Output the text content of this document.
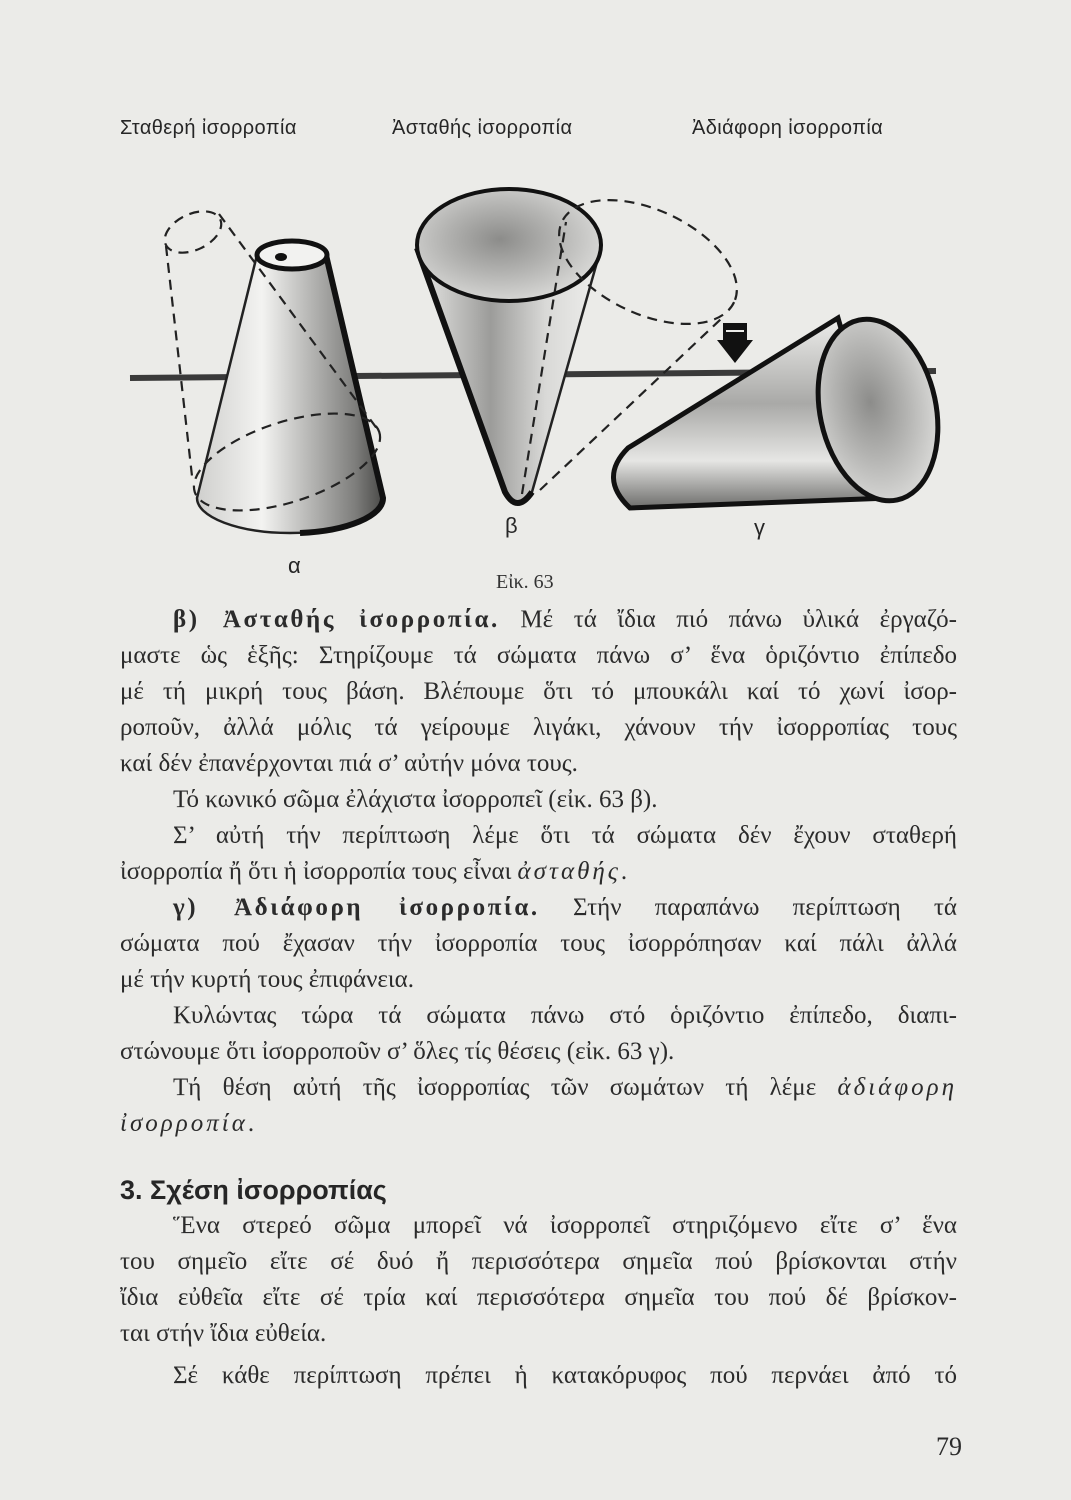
Σταθερή ἰσορροπία	Ἀσταθής ἰσορροπία	Ἀδιάφορη ἰσορροπία
α
β	γ
Εἰκ. 63
β) Ἀσταθής ἰσορροπία. Μέ τά ἴδια πιό πάνω ὑλικά ἐργαζό-
μαστε ὡς ἑξῆς: Στηρίζουμε τά σώματα πάνω σ’ ἕνα ὁριζόντιο ἐπίπεδο
μέ τή μικρή τους βάση. Βλέπουμε ὅτι τό μπουκάλι καί τό χωνί ἰσορ-
ροποῦν, ἀλλά μόλις τά γείρουμε λιγάκι, χάνουν τήν ἰσορροπίας τους
καί δέν ἐπανέρχονται πιά σ’ αὐτήν μόνα τους.
Τό κωνικό σῶμα ἐλάχιστα ἰσορροπεῖ (εἰκ. 63 β).
Σ’ αὐτή τήν περίπτωση λέμε ὅτι τά σώματα δέν ἔχουν σταθερή
ἰσορροπία ἤ ὅτι ἡ ἰσορροπία τους εἶναι ἀσταθής.
γ) Ἀδιάφορη ἰσορροπία. Στήν παραπάνω περίπτωση τά
σώματα πού ἔχασαν τήν ἰσορροπία τους ἰσορρόπησαν καί πάλι ἀλλά
μέ τήν κυρτή τους ἐπιφάνεια.
Κυλώντας τώρα τά σώματα πάνω στό ὁριζόντιο ἐπίπεδο, διαπι-
στώνουμε ὅτι ἰσορροποῦν σ’ ὅλες τίς θέσεις (εἰκ. 63 γ).
Τή θέση αὐτή τῆς ἰσορροπίας τῶν σωμάτων τή λέμε ἀδιάφορη
ἰσορροπία.
3. Σχέση ἰσορροπίας
Ἕνα στερεό σῶμα μπορεῖ νά ἰσορροπεῖ στηριζόμενο εἴτε σ’ ἕνα
του σημεῖο εἴτε σέ δυό ἤ περισσότερα σημεῖα πού βρίσκονται στήν
ἴδια εὐθεῖα εἴτε σέ τρία καί περισσότερα σημεῖα του πού δέ βρίσκον-
ται στήν ἴδια εὐθεία.
Σέ κάθε περίπτωση πρέπει ἡ κατακόρυφος πού περνάει ἀπό τό
79
